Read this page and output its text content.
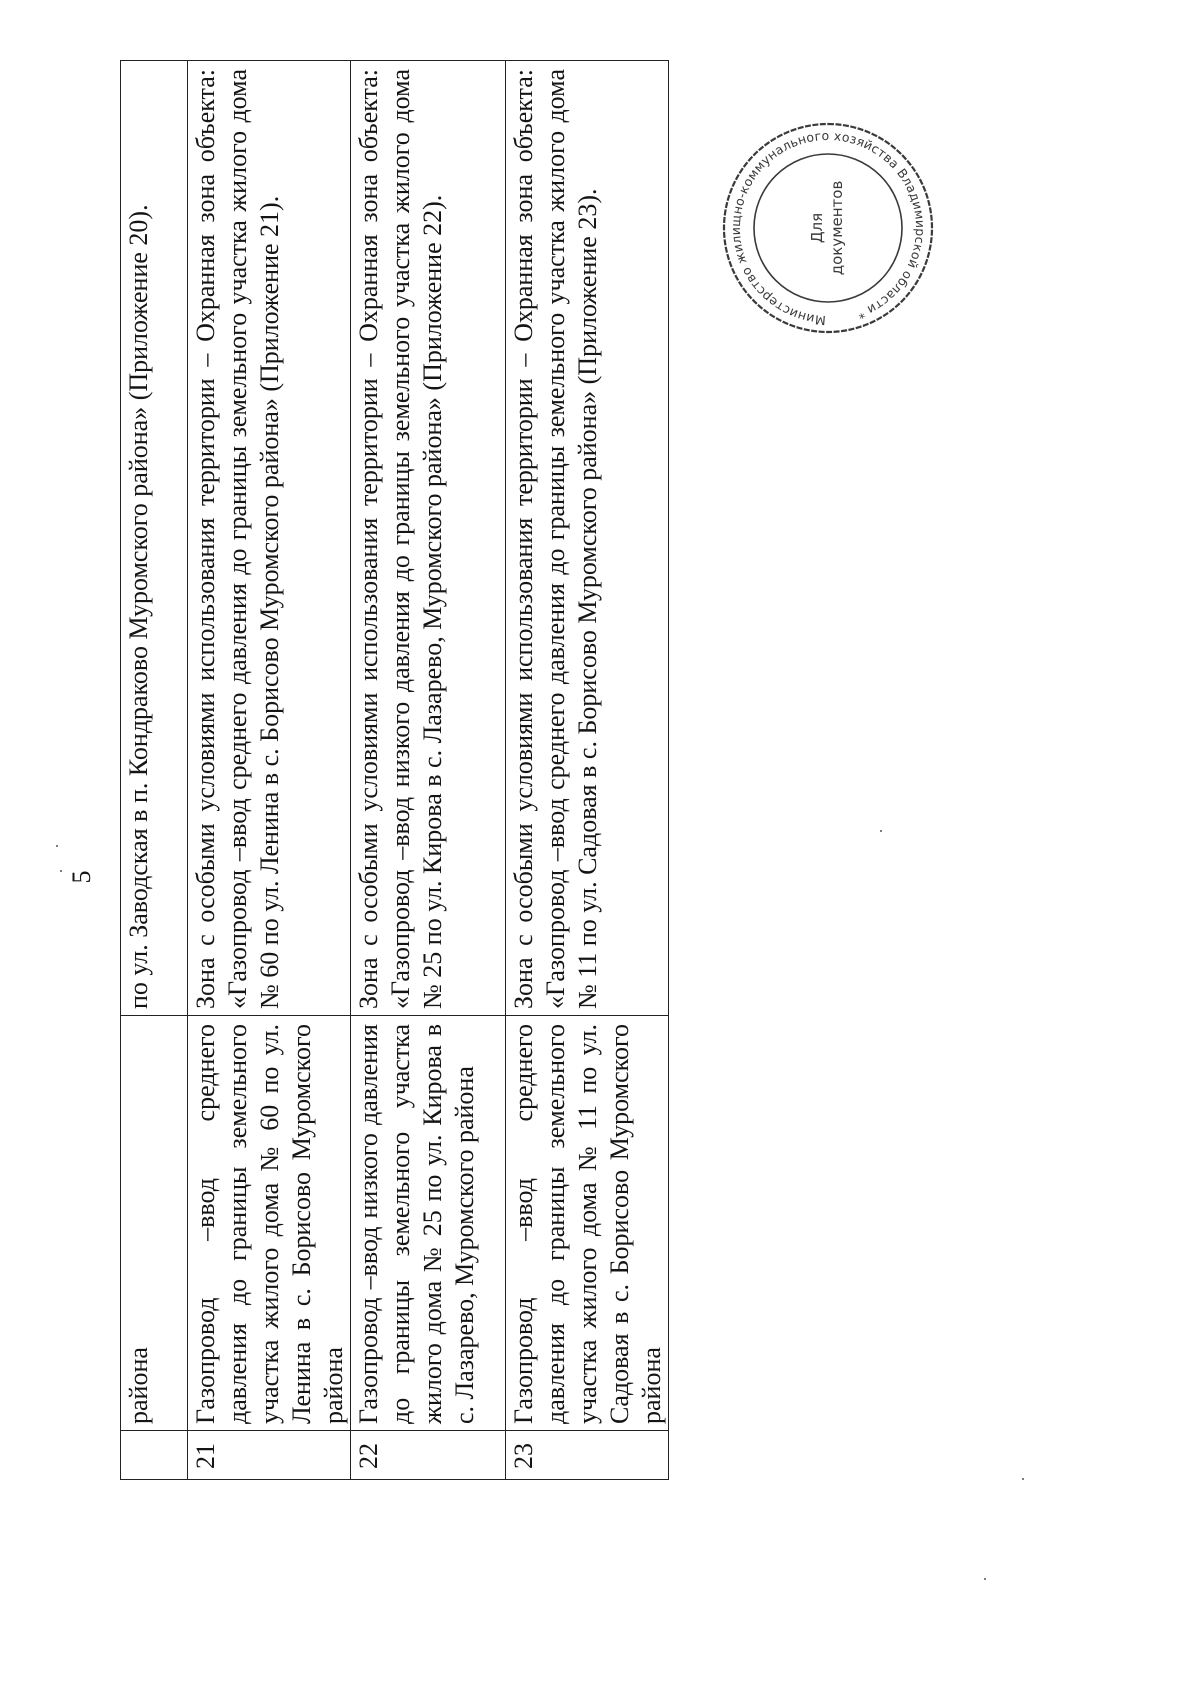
5
	района	по ул. Заводская в п. Кондраково Муромского района» (Приложение 20).
21	Газопровод –ввод среднего давления до границы земельного участка жилого дома № 60 по ул. Ленина в с. Борисово Муромского района	Зона с особыми условиями использования территории – Охранная зона объекта: «Газопровод –ввод среднего давления до границы земельного участка жилого дома № 60 по ул. Ленина в с. Борисово Муромского района» (Приложение 21).
22	Газопровод –ввод низкого давления до границы земельного участка жилого дома № 25 по ул. Кирова в с. Лазарево, Муромского района	Зона с особыми условиями использования территории – Охранная зона объекта: «Газопровод –ввод низкого давления до границы земельного участка жилого дома № 25 по ул. Кирова в с. Лазарево, Муромского района» (Приложение 22).
23	Газопровод –ввод среднего давления до границы земельного участка жилого дома № 11 по ул. Садовая в с. Борисово Муромского района	Зона с особыми условиями использования территории – Охранная зона объекта: «Газопровод –ввод среднего давления до границы земельного участка жилого дома № 11 по ул. Садовая в с. Борисово Муромского района» (Приложение 23).	Министерство жилищно-коммунального хозяйства Владимирской области *
Для документов
